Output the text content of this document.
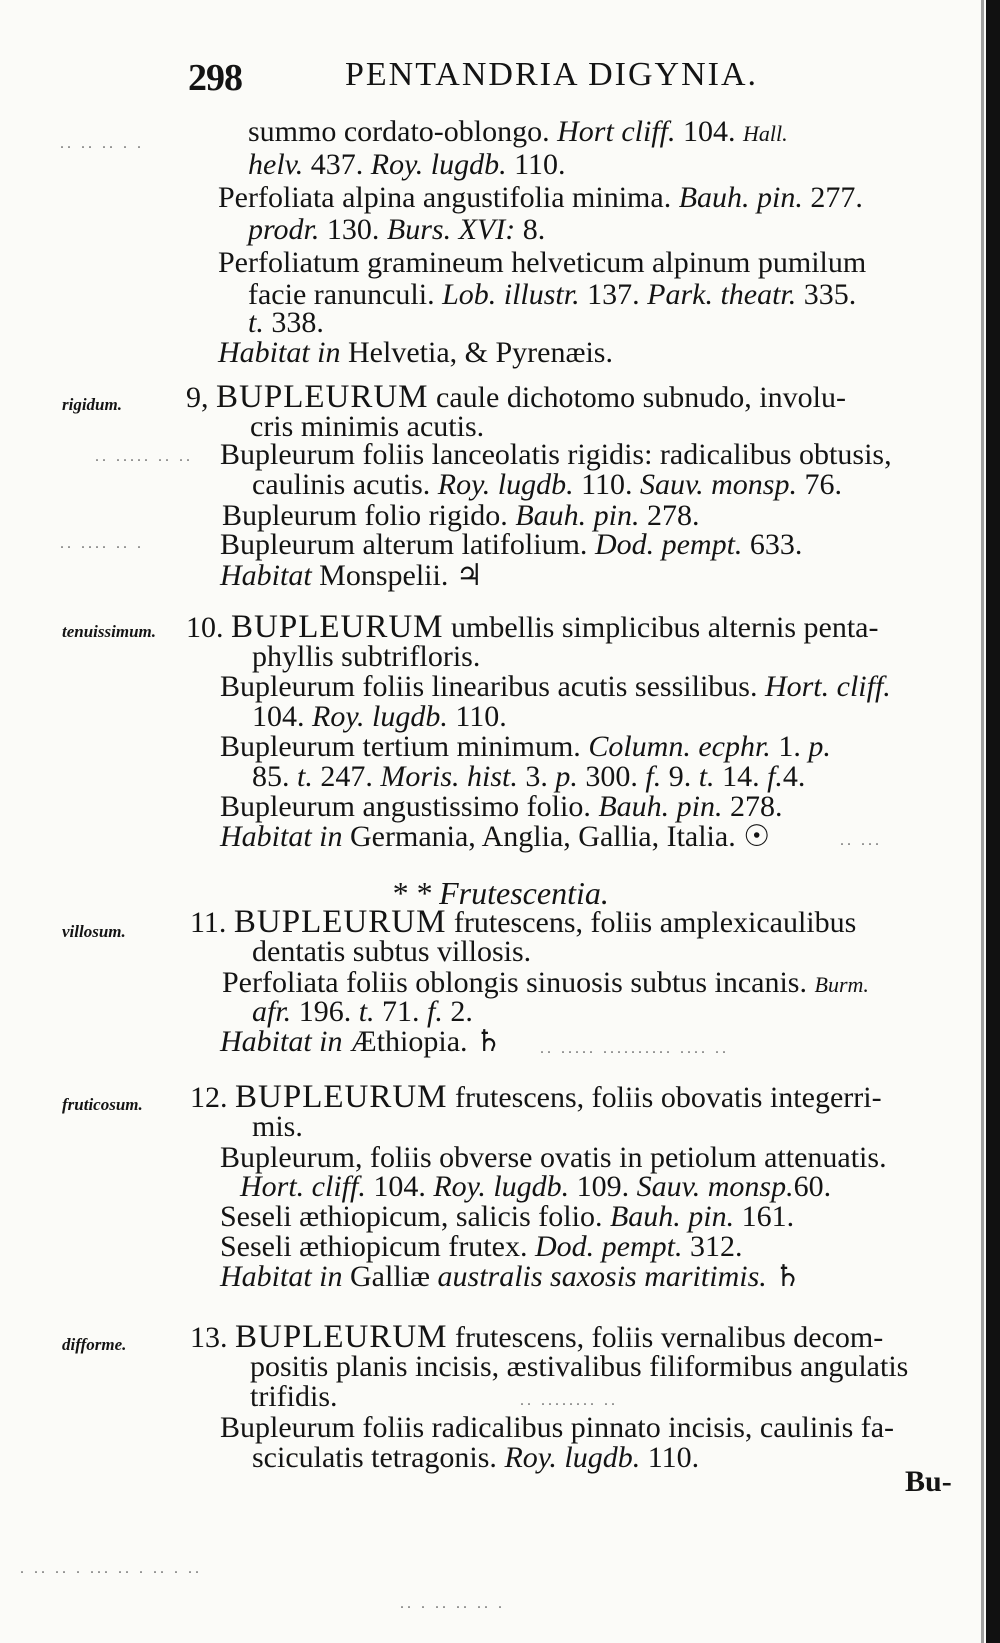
298	PENTANDRIA DIGYNIA.
.. .. .. . .	summo cordato-oblongo. Hort cliff. 104. Hall.
helv. 437. Roy. lugdb. 110.
Perfoliata alpina angustifolia minima. Bauh. pin. 277.
prodr. 130. Burs. XVI: 8.
Perfoliatum gramineum helveticum alpinum pumilum
facie ranunculi. Lob. illustr. 137. Park. theatr. 335.
t. 338.
Habitat in Helvetia, & Pyrenæis.
rigidum. 9, BUPLEURUM caule dichotomo subnudo, involu-
cris minimis acutis.
.. ..... .. .. Bupleurum foliis lanceolatis rigidis: radicalibus obtusis,
caulinis acutis. Roy. lugdb. 110. Sauv. monsp. 76.
Bupleurum folio rigido. Bauh. pin. 278.
.. .... .. .	Bupleurum alterum latifolium. Dod. pempt. 633.
Habitat Monspelii. ♃
tenuissimum. 10. BUPLEURUM umbellis simplicibus alternis penta-
phyllis subtrifloris.
Bupleurum foliis linearibus acutis sessilibus. Hort. cliff.
104. Roy. lugdb. 110.
Bupleurum tertium minimum. Column. ecphr. 1. p.
85. t. 247. Moris. hist. 3. p. 300. f. 9. t. 14. f.4.
Bupleurum angustissimo folio. Bauh. pin. 278.
Habitat in Germania, Anglia, Gallia, Italia. ☉	.. ...
* * Frutescentia.
villosum. 11. BUPLEURUM frutescens, foliis amplexicaulibus
dentatis subtus villosis.
Perfoliata foliis oblongis sinuosis subtus incanis. Burm.
afr. 196. t. 71. f. 2.
Habitat in Æthiopia. ♄ .. ..... .......... .... ..
fruticosum. 12. BUPLEURUM frutescens, foliis obovatis integerri-
mis.
Bupleurum, foliis obverse ovatis in petiolum attenuatis.
Hort. cliff. 104. Roy. lugdb. 109. Sauv. monsp.60.
Seseli æthiopicum, salicis folio. Bauh. pin. 161.
Seseli æthiopicum frutex. Dod. pempt. 312.
Habitat in Galliæ australis saxosis maritimis. ♄
difforme. 13. BUPLEURUM frutescens, foliis vernalibus decom-
positis planis incisis, æstivalibus filiformibus angulatis
trifidis.	.. ........ ..
Bupleurum foliis radicalibus pinnato incisis, caulinis fa-
sciculatis tetragonis. Roy. lugdb. 110.
Bu-
. .. .. . ... .. . .. . ..
.. . .. .. .. .
